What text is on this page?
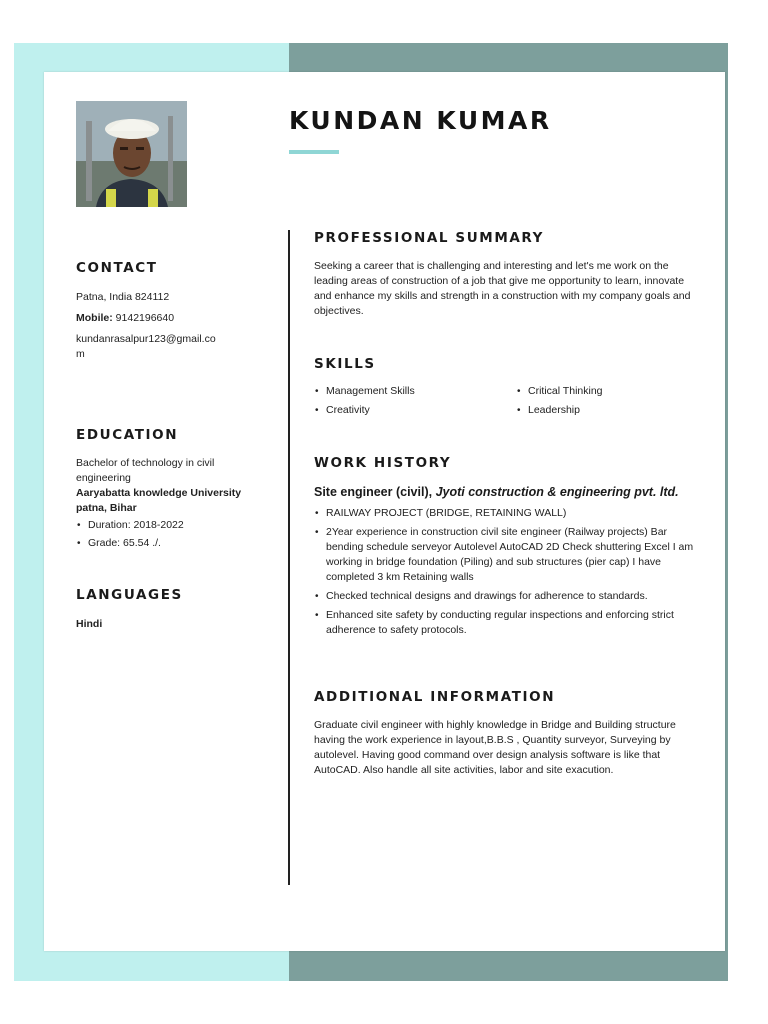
KUNDAN KUMAR
CONTACT
Patna, India 824112
Mobile: 9142196640
kundanrasalpur123@gmail.co
m
EDUCATION
Bachelor of technology in civil
engineering
Aaryabatta knowledge University
patna, Bihar
• Duration: 2018-2022
• Grade: 65.54 ./.
LANGUAGES
Hindi
PROFESSIONAL SUMMARY

Seeking a career that is challenging and interesting and let's me work on the leading areas of construction of a job that give me opportunity to learn, innovate and enhance my skills and strength in a construction with my company goals and objectives.

SKILLS
• Management Skills	• Critical Thinking
• Creativity	• Leadership
WORK HISTORY
Site engineer (civil), Jyoti construction & engineering pvt. ltd.
• RAILWAY PROJECT (BRIDGE, RETAINING WALL)
• 2Year experience in construction civil site engineer (Railway projects) Bar bending schedule serveyor Autolevel AutoCAD 2D Check shuttering Excel I am working in bridge foundation (Piling) and sub structures (pier cap) I have completed 3 km Retaining walls
• Checked technical designs and drawings for adherence to standards.
• Enhanced site safety by conducting regular inspections and enforcing strict adherence to safety protocols.
ADDITIONAL INFORMATION

Graduate civil engineer with highly knowledge in Bridge and Building structure having the work experience in layout,B.B.S , Quantity surveyor, Surveying by autolevel. Having good command over design analysis software is like that AutoCAD. Also handle all site activities, labor and site exacution.
